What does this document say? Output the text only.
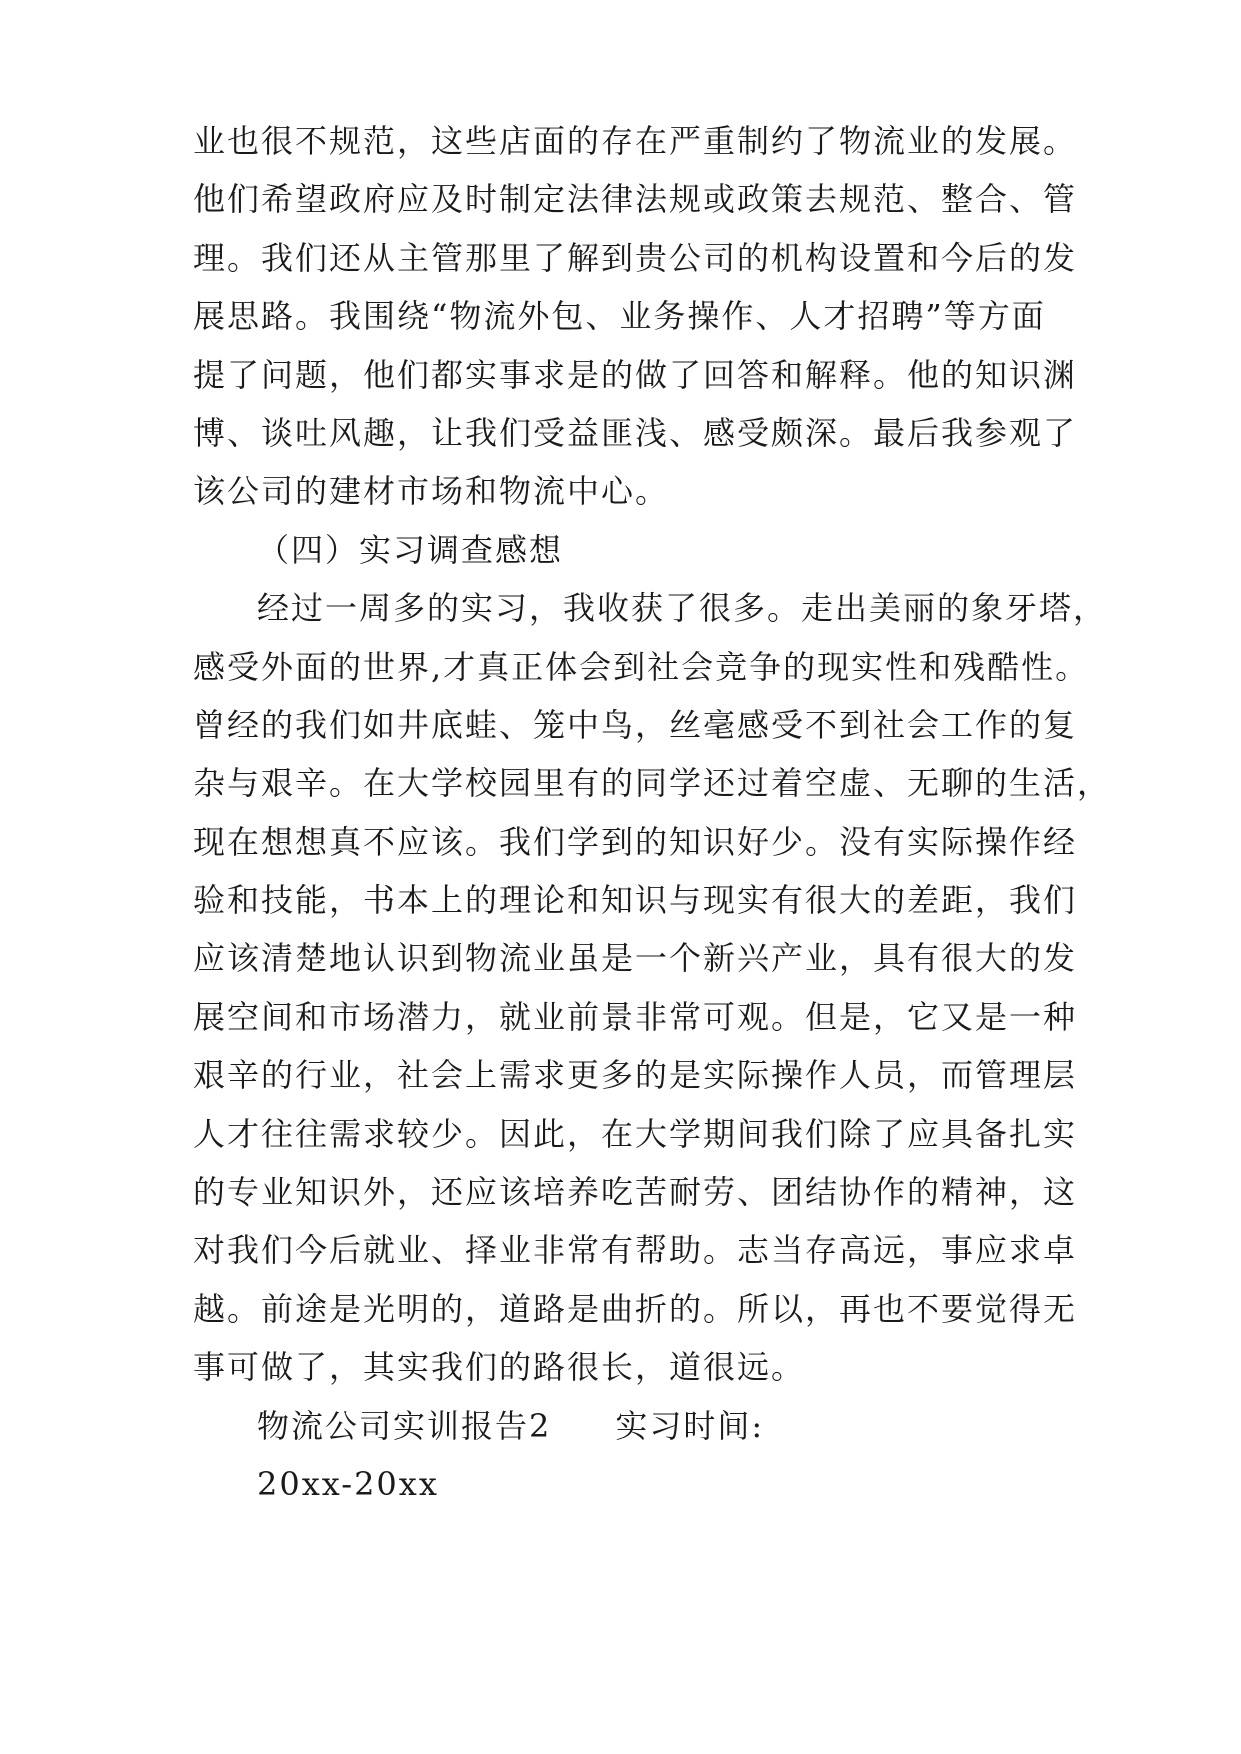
业也很不规范，这些店面的存在严重制约了物流业的发展。
他们希望政府应及时制定法律法规或政策去规范、整合、管
理。我们还从主管那里了解到贵公司的机构设置和今后的发
展思路。我围绕“物流外包、业务操作、人才招聘”等方面
提了问题，他们都实事求是的做了回答和解释。他的知识渊
博、谈吐风趣，让我们受益匪浅、感受颇深。最后我参观了
该公司的建材市场和物流中心。
（四）实习调查感想
经过一周多的实习，我收获了很多。走出美丽的象牙塔，
感受外面的世界,才真正体会到社会竞争的现实性和残酷性。
曾经的我们如井底蛙、笼中鸟，丝毫感受不到社会工作的复
杂与艰辛。在大学校园里有的同学还过着空虚、无聊的生活，
现在想想真不应该。我们学到的知识好少。没有实际操作经
验和技能，书本上的理论和知识与现实有很大的差距，我们
应该清楚地认识到物流业虽是一个新兴产业，具有很大的发
展空间和市场潜力，就业前景非常可观。但是，它又是一种
艰辛的行业，社会上需求更多的是实际操作人员，而管理层
人才往往需求较少。因此，在大学期间我们除了应具备扎实
的专业知识外，还应该培养吃苦耐劳、团结协作的精神，这
对我们今后就业、择业非常有帮助。志当存高远，事应求卓
越。前途是光明的，道路是曲折的。所以，再也不要觉得无
事可做了，其实我们的路很长，道很远。
物流公司实训报告2 实习时间:
20xx-20xx
